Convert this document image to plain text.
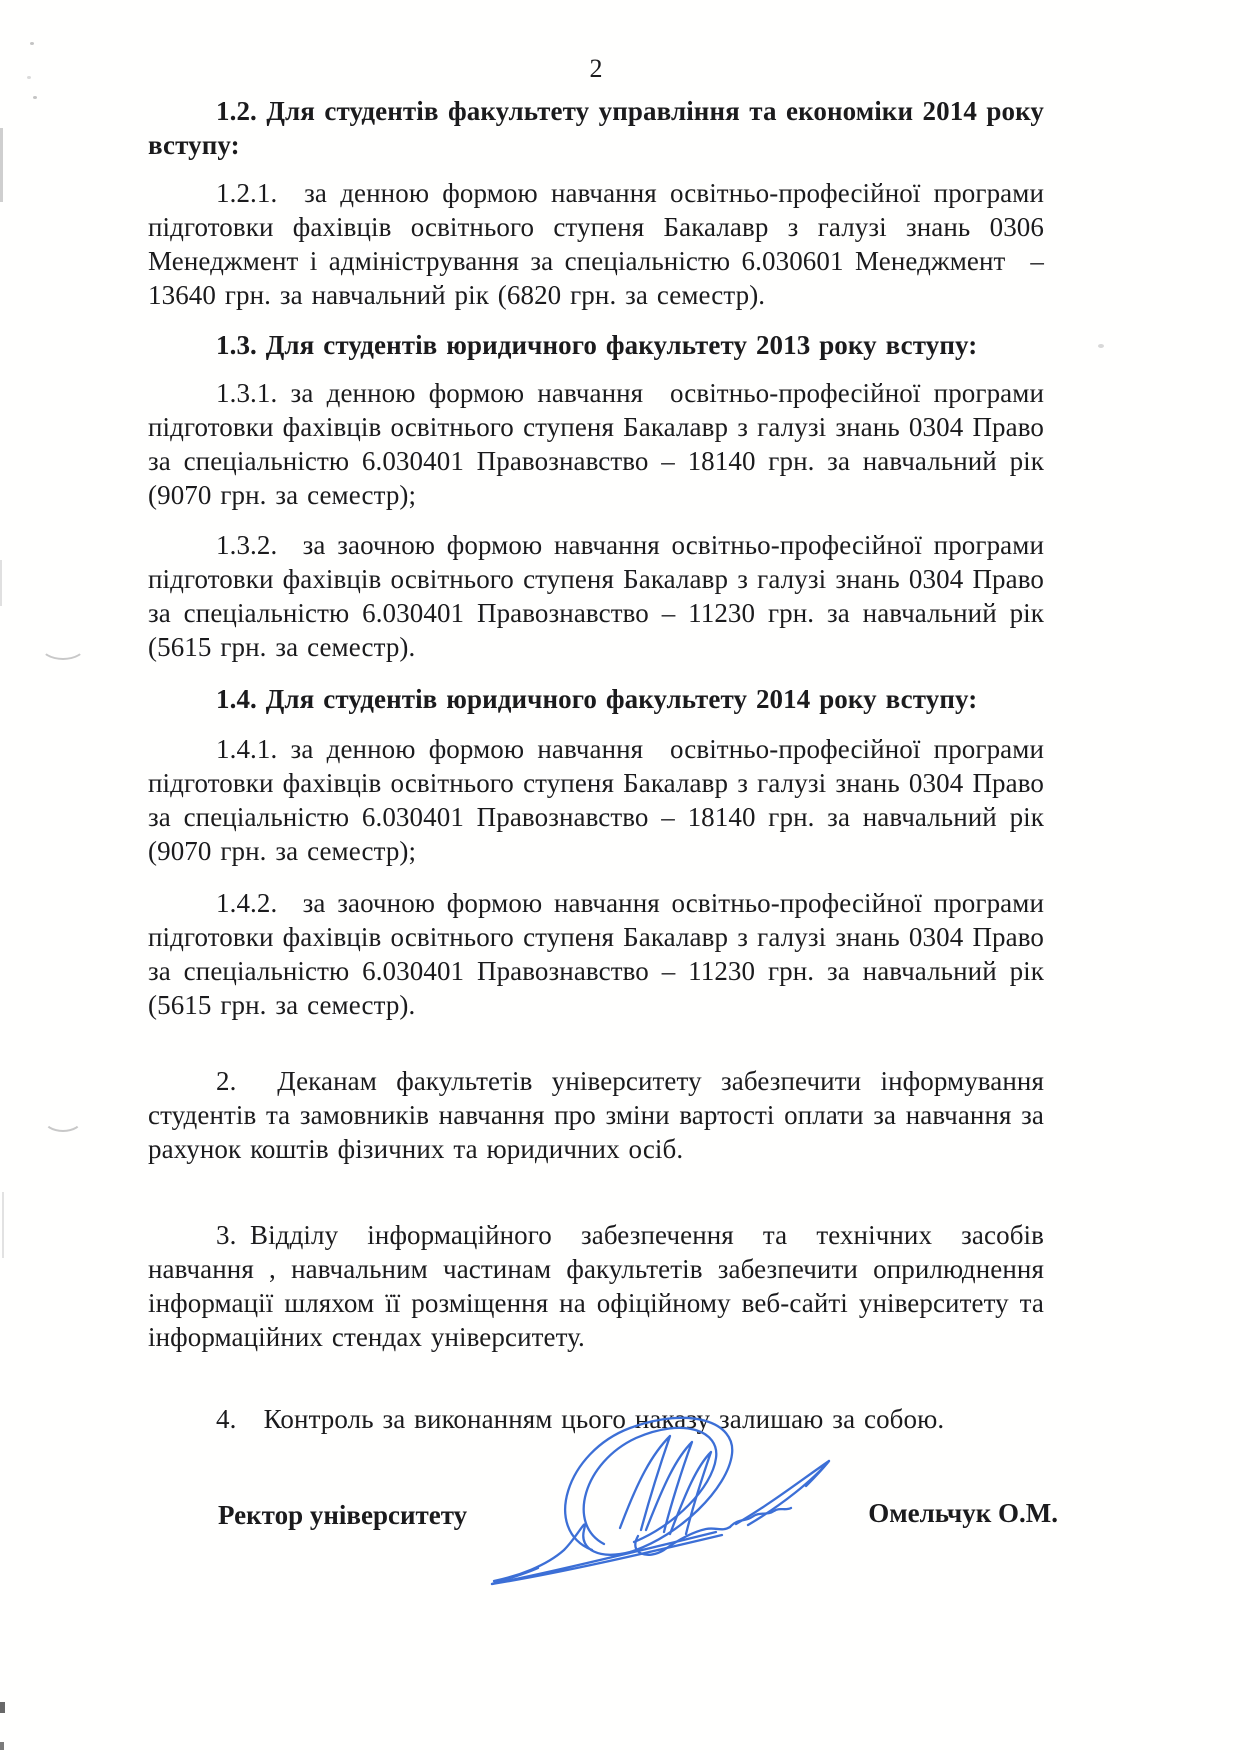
2

1.2. Для студентів факультету управління та економіки 2014 року вступу:

1.2.1.  за денною формою навчання освітньо-професійної програми підготовки фахівців освітнього ступеня Бакалавр з галузі знань 0306 Менеджмент і адміністрування за спеціальністю 6.030601 Менеджмент  – 13640 грн. за навчальний рік (6820 грн. за семестр).

1.3. Для студентів юридичного факультету 2013 року вступу:

1.3.1. за денною формою навчання  освітньо-професійної програми підготовки фахівців освітнього ступеня Бакалавр з галузі знань 0304 Право за спеціальністю 6.030401 Правознавство – 18140 грн. за навчальний рік (9070 грн. за семестр);

1.3.2.  за заочною формою навчання освітньо-професійної програми підготовки фахівців освітнього ступеня Бакалавр з галузі знань 0304 Право за спеціальністю 6.030401 Правознавство – 11230 грн. за навчальний рік (5615 грн. за семестр).

1.4. Для студентів юридичного факультету 2014 року вступу:

1.4.1. за денною формою навчання  освітньо-професійної програми підготовки фахівців освітнього ступеня Бакалавр з галузі знань 0304 Право за спеціальністю 6.030401 Правознавство – 18140 грн. за навчальний рік (9070 грн. за семестр);

1.4.2.  за заочною формою навчання освітньо-професійної програми підготовки фахівців освітнього ступеня Бакалавр з галузі знань 0304 Право за спеціальністю 6.030401 Правознавство – 11230 грн. за навчальний рік (5615 грн. за семестр).

2.   Деканам факультетів університету забезпечити інформування студентів та замовників навчання про зміни вартості оплати за навчання за рахунок коштів фізичних та юридичних осіб.

3. Відділу інформаційного забезпечення та технічних засобів навчання , навчальним частинам факультетів забезпечити оприлюднення інформації шляхом її розміщення на офіційному веб-сайті університету та інформаційних стендах університету.

4.  Контроль за виконанням цього наказу залишаю за собою.

Ректор університету	Омельчук О.М.
